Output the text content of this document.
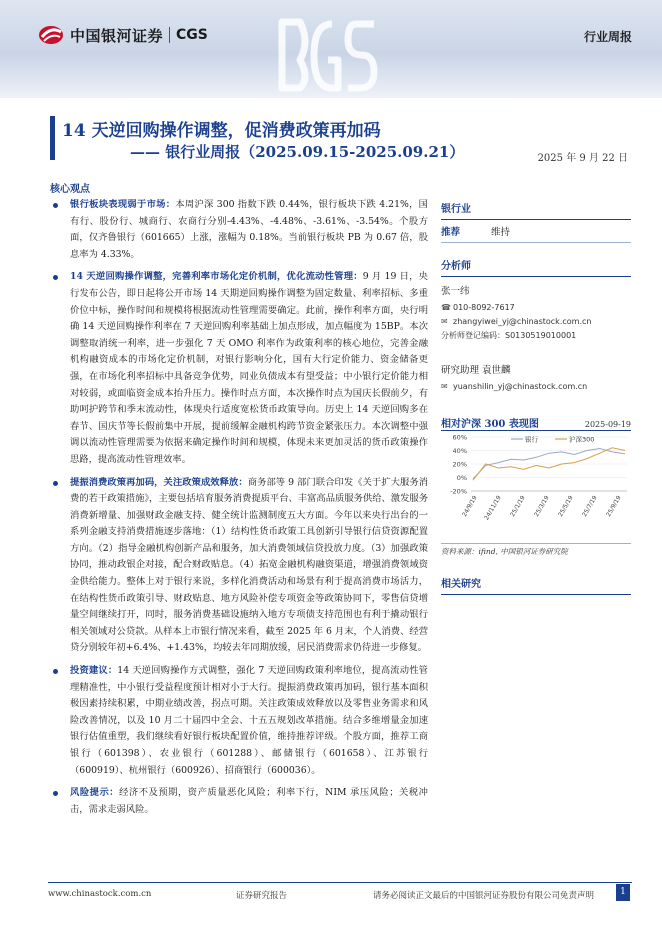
中国银河证券 CGS	行业周报
14 天逆回购操作调整，促消费政策再加码
—— 银行业周报（2025.09.15-2025.09.21）	2025 年 9 月 22 日
核心观点
银行板块表现弱于市场：本周沪深 300 指数下跌 0.44%，银行板块下跌 4.21%，国有行、股份行、城商行、农商行分别-4.43%、-4.48%、-3.61%、-3.54%。个股方面，仅齐鲁银行（601665）上涨，涨幅为 0.18%。当前银行板块 PB 为 0.67 倍，股息率为 4.33%。
14 天逆回购操作调整，完善利率市场化定价机制，优化流动性管理：9 月 19 日，央行发布公告，即日起将公开市场 14 天期逆回购操作调整为固定数量、利率招标、多重价位中标，操作时间和规模将根据流动性管理需要确定。此前，操作利率方面，央行明确 14 天逆回购操作利率在 7 天逆回购利率基础上加点形成，加点幅度为 15BP。本次调整取消统一利率，进一步强化 7 天 OMO 利率作为政策利率的核心地位，完善金融机构融资成本的市场化定价机制，对银行影响分化，国有大行定价能力、资金储备更强，在市场化利率招标中具备竞争优势，同业负债成本有望受益；中小银行定价能力相对较弱，或面临资金成本抬升压力。操作时点方面，本次操作时点为国庆长假前夕，有助呵护跨节和季末流动性，体现央行适度宽松货币政策导向。历史上 14 天逆回购多在春节、国庆节等长假前集中开展，提前缓解金融机构跨节资金紧张压力。本次调整中强调以流动性管理需要为依据来确定操作时间和规模，体现未来更加灵活的货币政策操作思路，提高流动性管理效率。
提振消费政策再加码，关注政策成效释放：商务部等 9 部门联合印发《关于扩大服务消费的若干政策措施》，主要包括培育服务消费提质平台、丰富高品质服务供给、激发服务消费新增量、加强财政金融支持、健全统计监测制度五大方面。今年以来央行出台的一系列金融支持消费措施逐步落地：（1）结构性货币政策工具创新引导银行信贷资源配置方向。（2）指导金融机构创新产品和服务，加大消费领域信贷投放力度。（3）加强政策协同，推动政银企对接，配合财政贴息。（4）拓宽金融机构融资渠道，增强消费领域资金供给能力。整体上对于银行来说，多样化消费活动和场景有利于提高消费市场活力，在结构性货币政策引导、财政贴息、地方风险补偿专项资金等政策协同下，零售信贷增量空间继续打开，同时，服务消费基础设施纳入地方专项债支持范围也有利于撬动银行相关领域对公贷款。从样本上市银行情况来看，截至 2025 年 6 月末，个人消费、经营贷分别较年初+6.4%、+1.43%，均较去年同期放缓，居民消费需求仍待进一步修复。
投资建议：14 天逆回购操作方式调整，强化 7 天逆回购政策利率地位，提高流动性管理精准性，中小银行受益程度预计相对小于大行。提振消费政策再加码，银行基本面积极因素持续积累，中期业绩改善，拐点可期。关注政策成效释放以及零售业务需求和风险改善情况，以及 10 月二十届四中全会、十五五规划改革措施。结合多维增量金加速银行估值重塑，我们继续看好银行板块配置价值，维持推荐评级。个股方面，推荐工商银行（601398）、农业银行（601288）、邮储银行（601658）、江苏银行（600919）、杭州银行（600926）、招商银行（600036）。
风险提示：经济不及预期，资产质量恶化风险；利率下行，NIM 承压风险；关税冲击，需求走弱风险。
银行业
推荐	维持
分析师
张一纬
☎ 010-8092-7617
✉ zhangyiwei_yj@chinastock.com.cn
分析师登记编码：S0130519010001
研究助理 袁世麟
✉ yuanshilin_yj@chinastock.com.cn
相对沪深 300 表现图	2025-09-19
60%
40%
20%
0%
-20%
24/9/19 24/11/19 25/1/19 25/3/19 25/5/19 25/7/19 25/9/19
银行	沪深300
资料来源：ifind, 中国银河证券研究院
相关研究
www.chinastock.com.cn	证券研究报告	请务必阅读正文最后的中国银河证券股份有限公司免责声明	1
